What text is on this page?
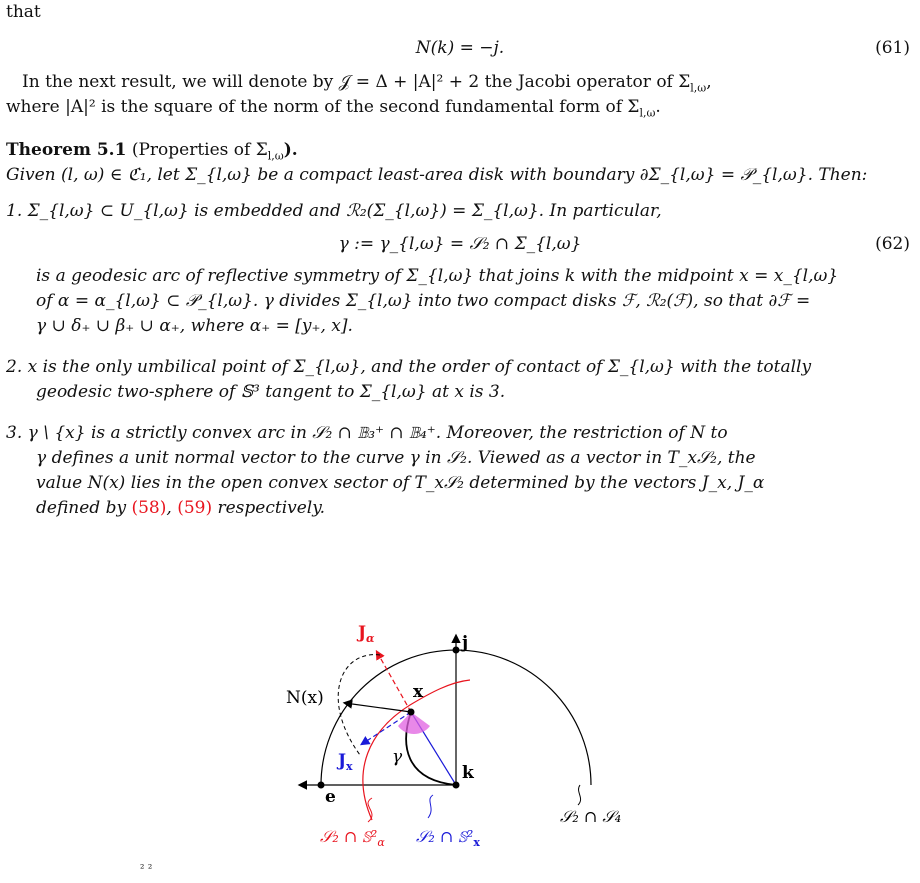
that
N(k) = −j.	(61)
In the next result, we will denote by 𝒥 = Δ + |A|² + 2 the Jacobi operator of $\Sigma_{l,\omega}$,
where |A|² is the square of the norm of the second fundamental form of $\Sigma_{l,\omega}$.
Theorem 5.1 (Properties of $\Sigma_{l,\omega}$).
Given (l, ω) ∈ ℭ₁, let Σ_{l,ω} be a compact least-area disk with boundary ∂Σ_{l,ω} = 𝒫_{l,ω}. Then:
1. Σ_{l,ω} ⊂ U_{l,ω} is embedded and ℛ₂(Σ_{l,ω}) = Σ_{l,ω}. In particular,
γ := γ_{l,ω} = 𝒮₂ ∩ Σ_{l,ω}	(62)
is a geodesic arc of reflective symmetry of Σ_{l,ω} that joins k with the midpoint x = x_{l,ω}
of α = α_{l,ω} ⊂ 𝒫_{l,ω}. γ divides Σ_{l,ω} into two compact disks ℱ, ℛ₂(ℱ), so that ∂ℱ =
γ ∪ δ₊ ∪ β₊ ∪ α₊, where α₊ = [y₊, x].
2. x is the only umbilical point of Σ_{l,ω}, and the order of contact of Σ_{l,ω} with the totally
geodesic two-sphere of 𝕊³ tangent to Σ_{l,ω} at x is 3.
3. γ \ {x} is a strictly convex arc in 𝒮₂ ∩ 𝔹₃⁺ ∩ 𝔹₄⁺. Moreover, the restriction of N to
γ defines a unit normal vector to the curve γ in 𝒮₂. Viewed as a vector in T_x𝒮₂, the
value N(x) lies in the open convex sector of T_x𝒮₂ determined by the vectors J_x, J_α
defined by (58), (59) respectively.
$J_\alpha$	j
x
N(x)
$J_x$ γ
k
e
𝒮₂ ∩ $𝕊^2_\alpha$ 𝒮₂ ∩ $𝕊^2_x$
𝒮₂ ∩ 𝒮₄
² ²
